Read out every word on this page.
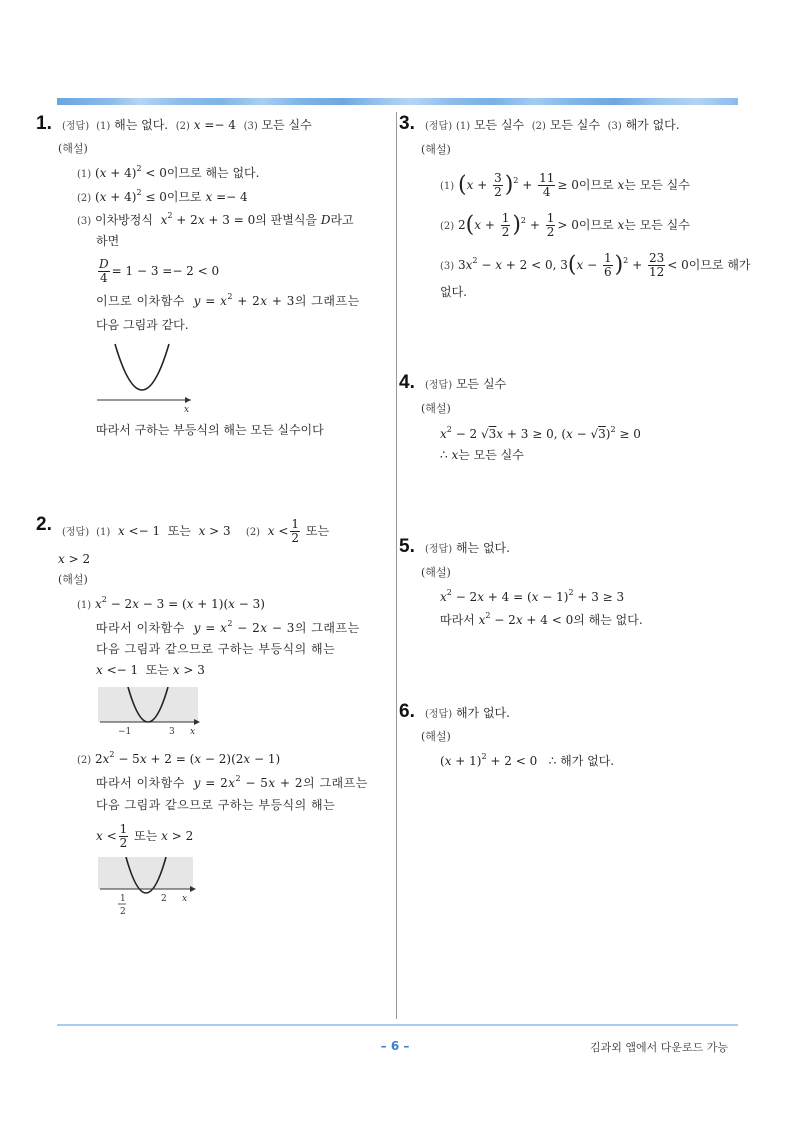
1. (정답)  (1) 해는 없다.  (2) x =− 4  (3) 모든 실수
(해설)
(1) $(x + 4)^2 < 0$이므로 해는 없다.
(2) $(x + 4)^2 \le 0$이므로 x =− 4
(3) 이차방정식 $x^2 + 2x + 3 = 0$의 판별식을 D라고
하면
$\frac{D}{4} = 1 - 3 =- 2 < 0$
이므로 이차함수 $y = x^2 + 2x + 3$의 그래프는
다음 그림과 같다.
x
따라서 구하는 부등식의 해는 모든 실수이다
2. (정답)  (1) x <− 1  또는 x > 3    (2) $x < \frac{1}{2}$ 또는
x > 2
(해설)
(1) $x^2 - 2x - 3 = (x + 1)(x - 3)$
따라서 이차함수 $y = x^2 - 2x - 3$의 그래프는
다음 그림과 같으므로 구하는 부등식의 해는
x <− 1  또는 x > 3
−1	3 x
(2) $2x^2 - 5x + 2 = (x - 2)(2x - 1)$
따라서 이차함수 $y = 2x^2 - 5x + 2$의 그래프는
다음 그림과 같으므로 구하는 부등식의 해는
$x < \frac{1}{2}$ 또는 x > 2
1
2
2 x
3. (정답) (1) 모든 실수  (2) 모든 실수  (3) 해가 없다.
(해설)
(1) $(x + \frac{3}{2} )^2 + \frac{11}{4} \ge 0$이므로 x는 모든 실수
(2) $2(x + \frac{1}{2} )^2 + \frac{1}{2} > 0$이므로 x는 모든 실수
(3) $3x^2 - x + 2 < 0$, $3(x - \frac{1}{6} )^2 + \frac{23}{12} < 0$이므로 해가
없다.
4. (정답) 모든 실수
(해설)
$x^2 - 2$ √3x + 3 ≥ 0, $(x - √3)^2 \ge 0$
∴ x는 모든 실수
5. (정답) 해는 없다.
(해설)
$x^2 - 2x + 4 = (x - 1)^2 + 3 \ge 3$
따라서 $x^2 - 2x + 4 < 0$의 해는 없다.
6. (정답) 해가 없다.
(해설)
$(x + 1)^2 + 2 < 0$   ∴ 해가 없다.
– 6 –	김과외 앱에서 다운로드 가능
